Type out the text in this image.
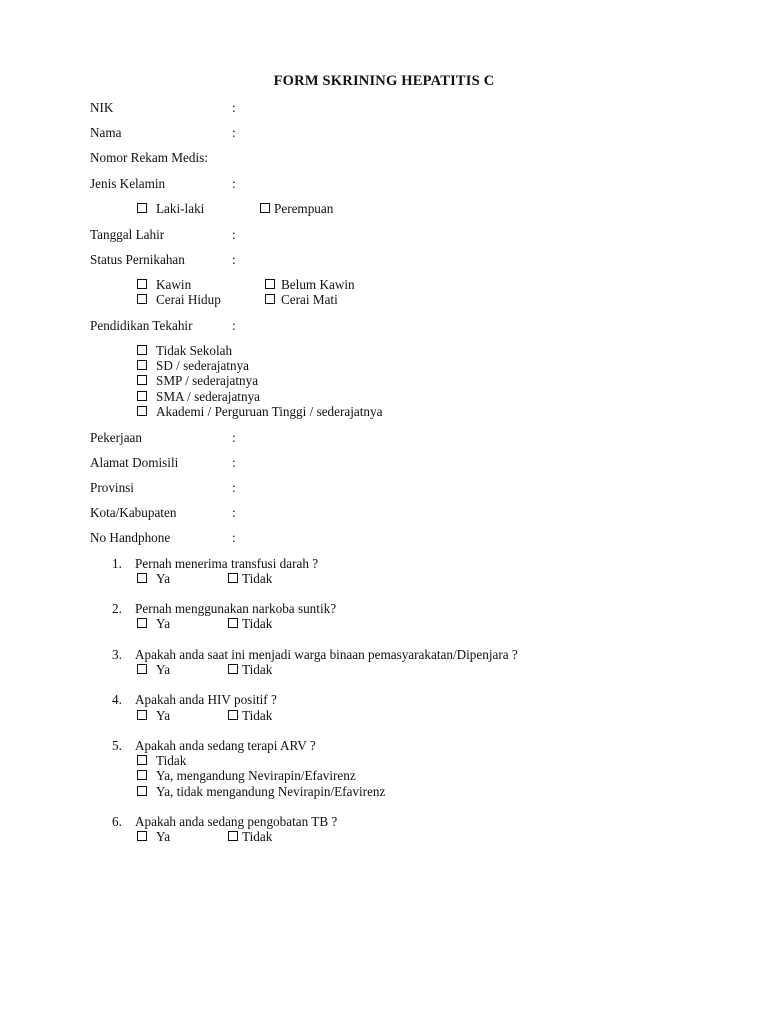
FORM SKRINING HEPATITIS C
NIK	:
Nama	:
Nomor Rekam Medis:
Jenis Kelamin	:
Laki-laki	Perempuan
Tanggal Lahir	:
Status Pernikahan	:
Kawin	Belum Kawin
Cerai Hidup	Cerai Mati
Pendidikan Tekahir	:
Tidak Sekolah
SD / sederajatnya
SMP / sederajatnya
SMA / sederajatnya
Akademi / Perguruan Tinggi / sederajatnya
Pekerjaan	:
Alamat Domisili	:
Provinsi	:
Kota/Kabupaten	:
No Handphone	:
1. Pernah menerima transfusi darah ?
Ya	Tidak
2. Pernah menggunakan narkoba suntik?
Ya	Tidak
3. Apakah anda saat ini menjadi warga binaan pemasyarakatan/Dipenjara ?
Ya	Tidak
4. Apakah anda HIV positif ?
Ya	Tidak
5. Apakah anda sedang terapi ARV ?
Tidak
Ya, mengandung Nevirapin/Efavirenz
Ya, tidak mengandung Nevirapin/Efavirenz
6. Apakah anda sedang pengobatan TB ?
Ya	Tidak
